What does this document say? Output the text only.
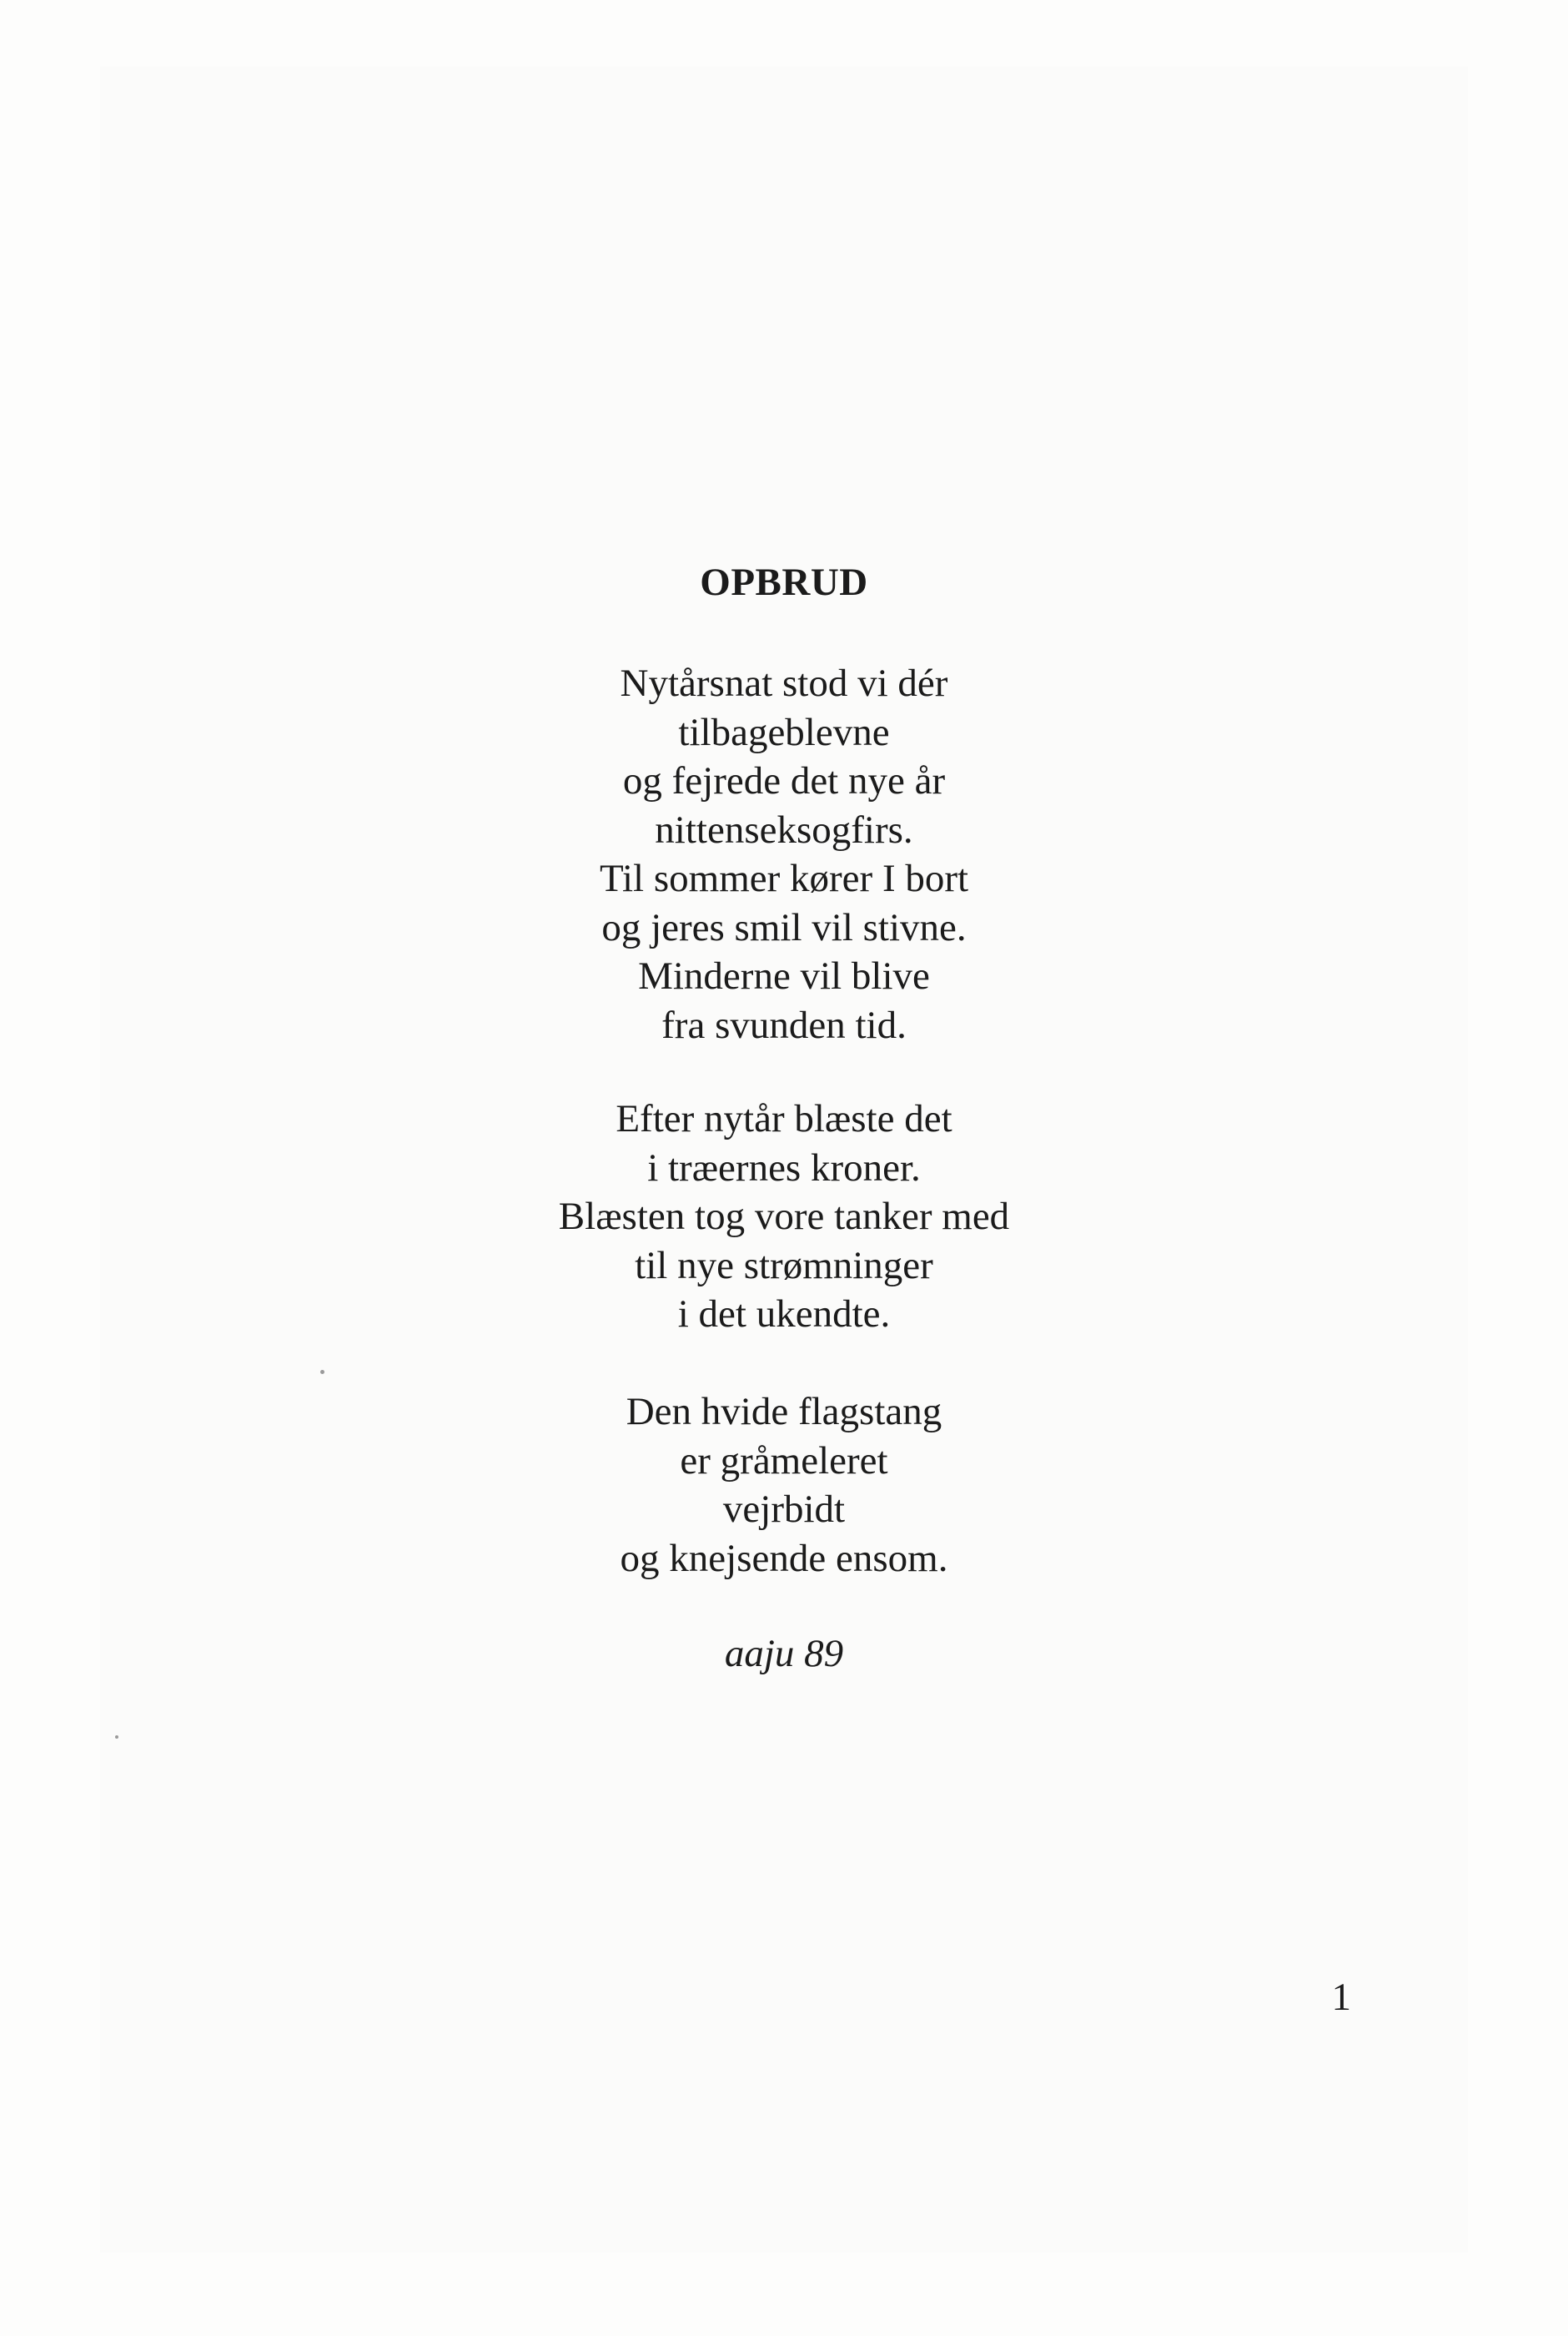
OPBRUD
Nytårsnat stod vi dér
tilbageblevne
og fejrede det nye år
nittenseksogfirs.
Til sommer kører I bort
og jeres smil vil stivne.
Minderne vil blive
fra svunden tid.
Efter nytår blæste det
i træernes kroner.
Blæsten tog vore tanker med
til nye strømninger
i det ukendte.
Den hvide flagstang
er gråmeleret
vejrbidt
og knejsende ensom.
aaju 89
1
